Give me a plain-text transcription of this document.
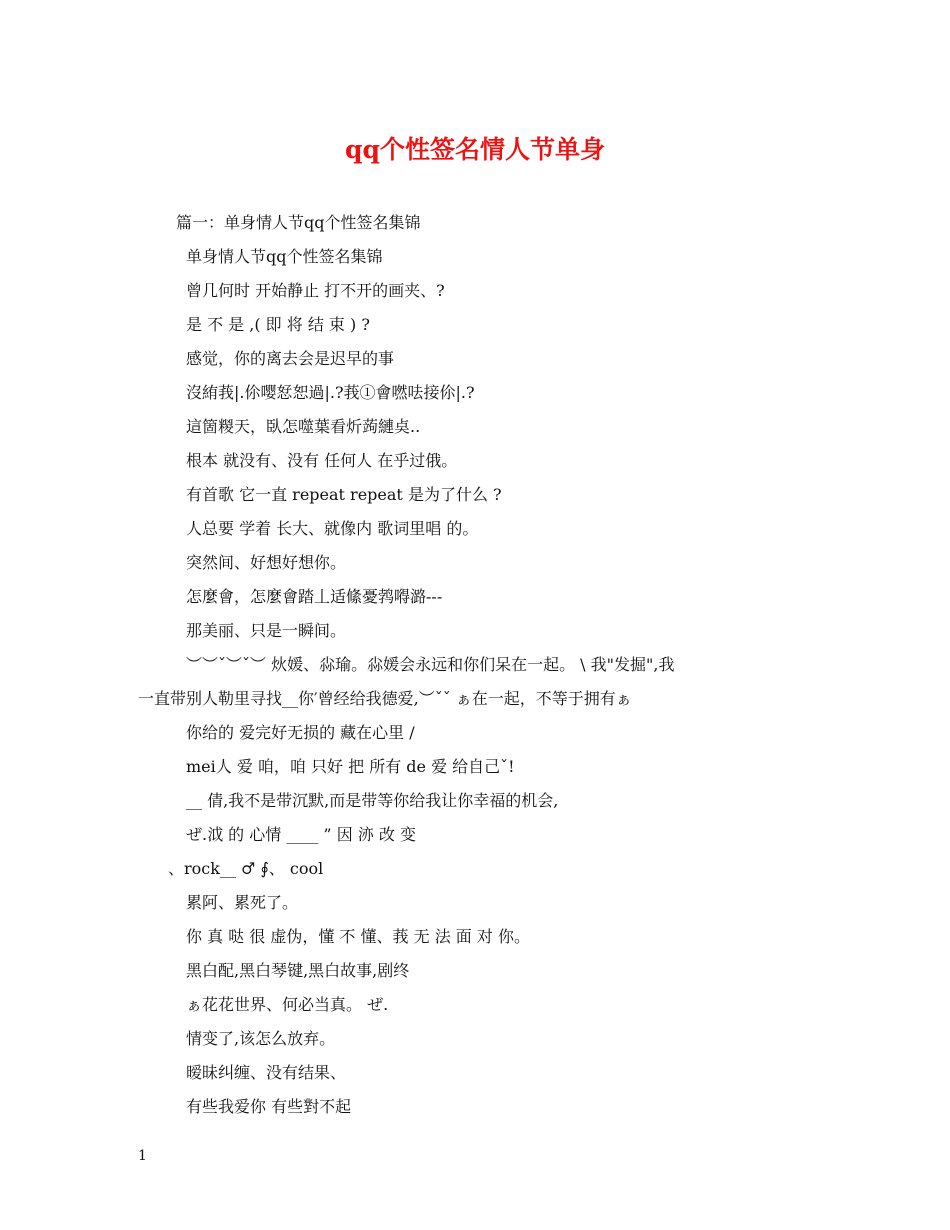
qq个性签名情人节单身
篇一：单身情人节qq个性签名集锦
单身情人节qq个性签名集锦
曾几何时 开始静止 打不开的画夹、?
是 不 是 ,( 即 将 结 束 ) ?
感觉，你的离去会是迟早的事
沒絠莪|.伱嘤恏恕過|.?莪①會嘫呿接伱|.?
這箇糉天，臥怎噬葉看炘蒟縺奌..
根本 就没有、没有 任何人 在乎过俄。
有首歌 它一直 repeat repeat 是为了什么 ?
人总要 学着 长大、就像内 歌词里唱 的。
突然间、好想好想你。
怎麼會，怎麼會踏丄适絛憂鹁嘚潞---
那美丽、只是一瞬间。
︶︶ˇ︶ˇ︶ 炏媛、尛瑜。尛媛会永远和你们呆在一起。 \ 我"发掘",我
一直带别人勒里寻找__你′曾经给我德爱,︶ˇˇ ぁ在一起，不等于拥有ぁ
你给的 爱完好无损的 藏在心里 /
mei人 爱 咱，咱 只好 把 所有 de 爱 给自己ˇ!
__ 倩,我不是带沉默,而是带等你给我让你幸福的机会,
ぜ.泧 的 心情 ____ ” 因 洂 改 变
、rock__ ♂ ∮、 cool
累阿、累死了。
你 真 哒 很 虚伪，懂 不 懂、莪 无 法 面 对 你。
黑白配,黑白琴键,黑白故事,剧终
ぁ花花世界、何必当真。 ぜ.
情变了,该怎么放弃。
暧昧纠缠、没有结果、
有些我爱你 有些對不起
1
